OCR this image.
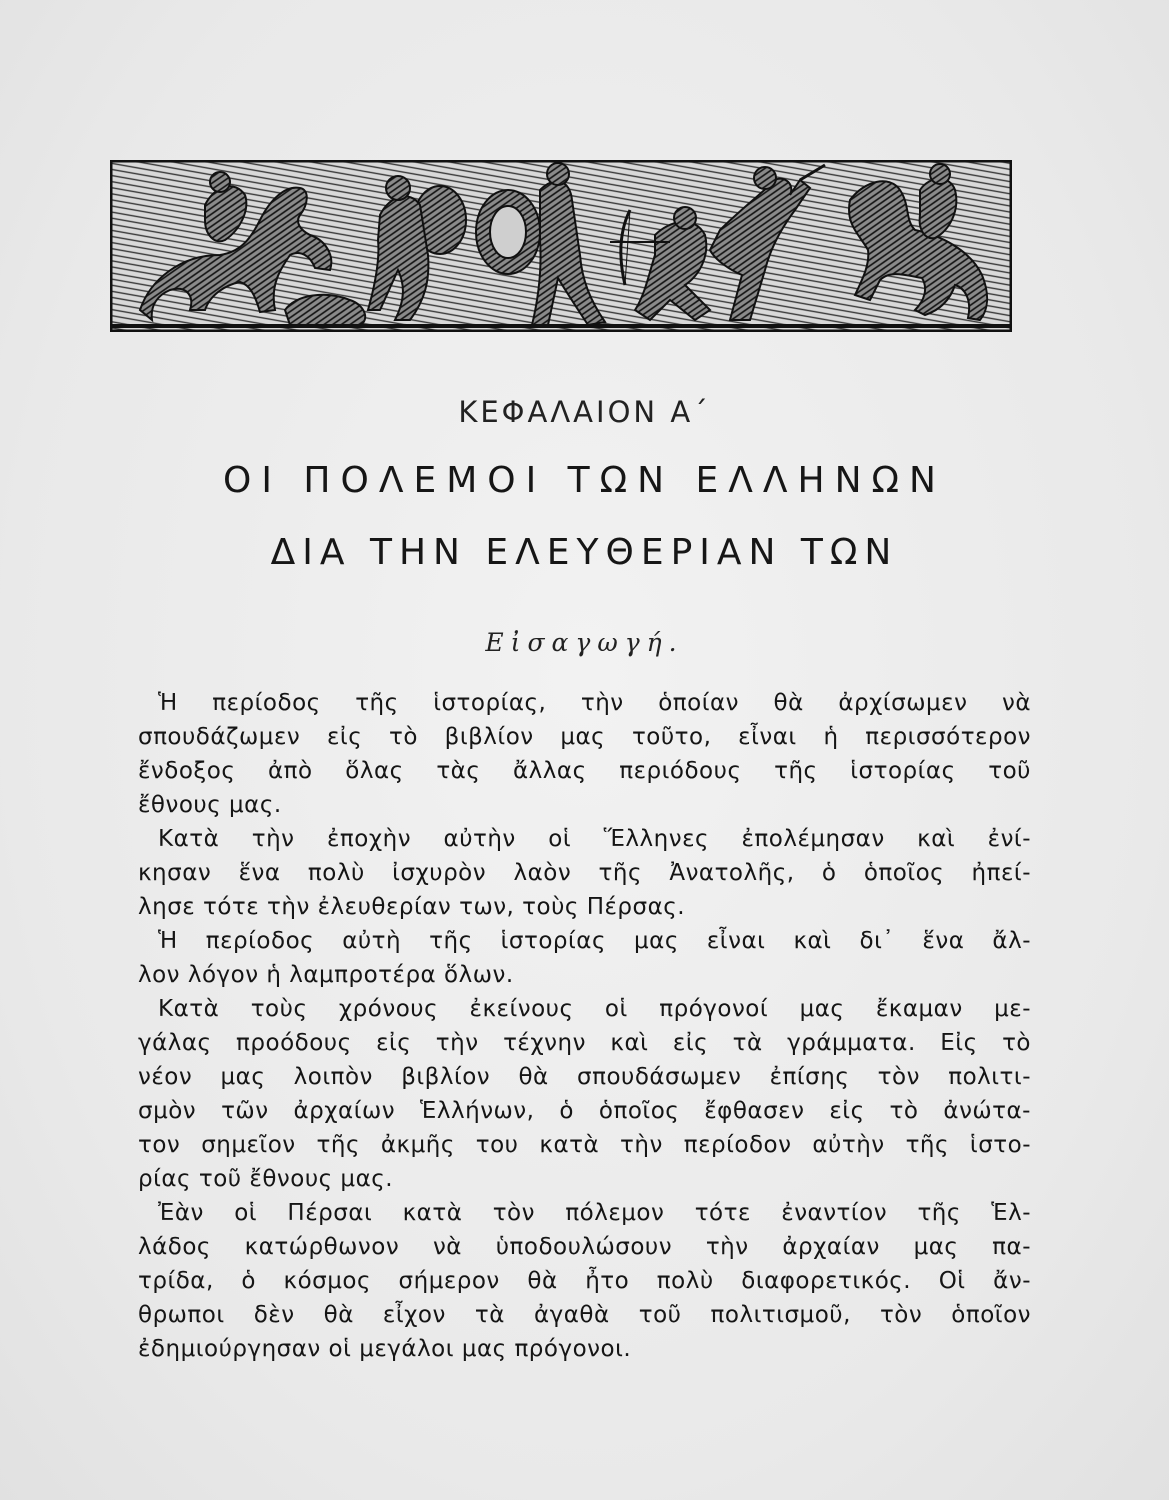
ΚΕΦΑΛΑΙΟΝ Α΄
ΟΙ ΠΟΛΕΜΟΙ ΤΩΝ ΕΛΛΗΝΩΝ
ΔΙΑ ΤΗΝ ΕΛΕΥΘΕΡΙΑΝ ΤΩΝ
Εἰσαγωγή.
Ἡ περίοδος τῆς ἱστορίας, τὴν ὁποίαν θὰ ἀρχίσωμεν νὰ
σπουδάζωμεν εἰς τὸ βιβλίον μας τοῦτο, εἶναι ἡ περισσότερον
ἔνδοξος ἀπὸ ὅλας τὰς ἄλλας περιόδους τῆς ἱστορίας τοῦ
ἔθνους μας.
Κατὰ τὴν ἐποχὴν αὐτὴν οἱ Ἕλληνες ἐπολέμησαν καὶ ἐνί-
κησαν ἕνα πολὺ ἰσχυρὸν λαὸν τῆς Ἀνατολῆς, ὁ ὁποῖος ἠπεί-
λησε τότε τὴν ἐλευθερίαν των, τοὺς Πέρσας.
Ἡ περίοδος αὐτὴ τῆς ἱστορίας μας εἶναι καὶ δι᾽ ἕνα ἄλ-
λον λόγον ἡ λαμπροτέρα ὅλων.
Κατὰ τοὺς χρόνους ἐκείνους οἱ πρόγονοί μας ἔκαμαν με-
γάλας προόδους εἰς τὴν τέχνην καὶ εἰς τὰ γράμματα. Εἰς τὸ
νέον μας λοιπὸν βιβλίον θὰ σπουδάσωμεν ἐπίσης τὸν πολιτι-
σμὸν τῶν ἀρχαίων Ἑλλήνων, ὁ ὁποῖος ἔφθασεν εἰς τὸ ἀνώτα-
τον σημεῖον τῆς ἀκμῆς του κατὰ τὴν περίοδον αὐτὴν τῆς ἱστο-
ρίας τοῦ ἔθνους μας.
Ἐὰν οἱ Πέρσαι κατὰ τὸν πόλεμον τότε ἐναντίον τῆς Ἑλ-
λάδος κατώρθωνον νὰ ὑποδουλώσουν τὴν ἀρχαίαν μας πα-
τρίδα, ὁ κόσμος σήμερον θὰ ἦτο πολὺ διαφορετικός. Οἱ ἄν-
θρωποι δὲν θὰ εἶχον τὰ ἀγαθὰ τοῦ πολιτισμοῦ, τὸν ὁποῖον
ἐδημιούργησαν οἱ μεγάλοι μας πρόγονοι.
